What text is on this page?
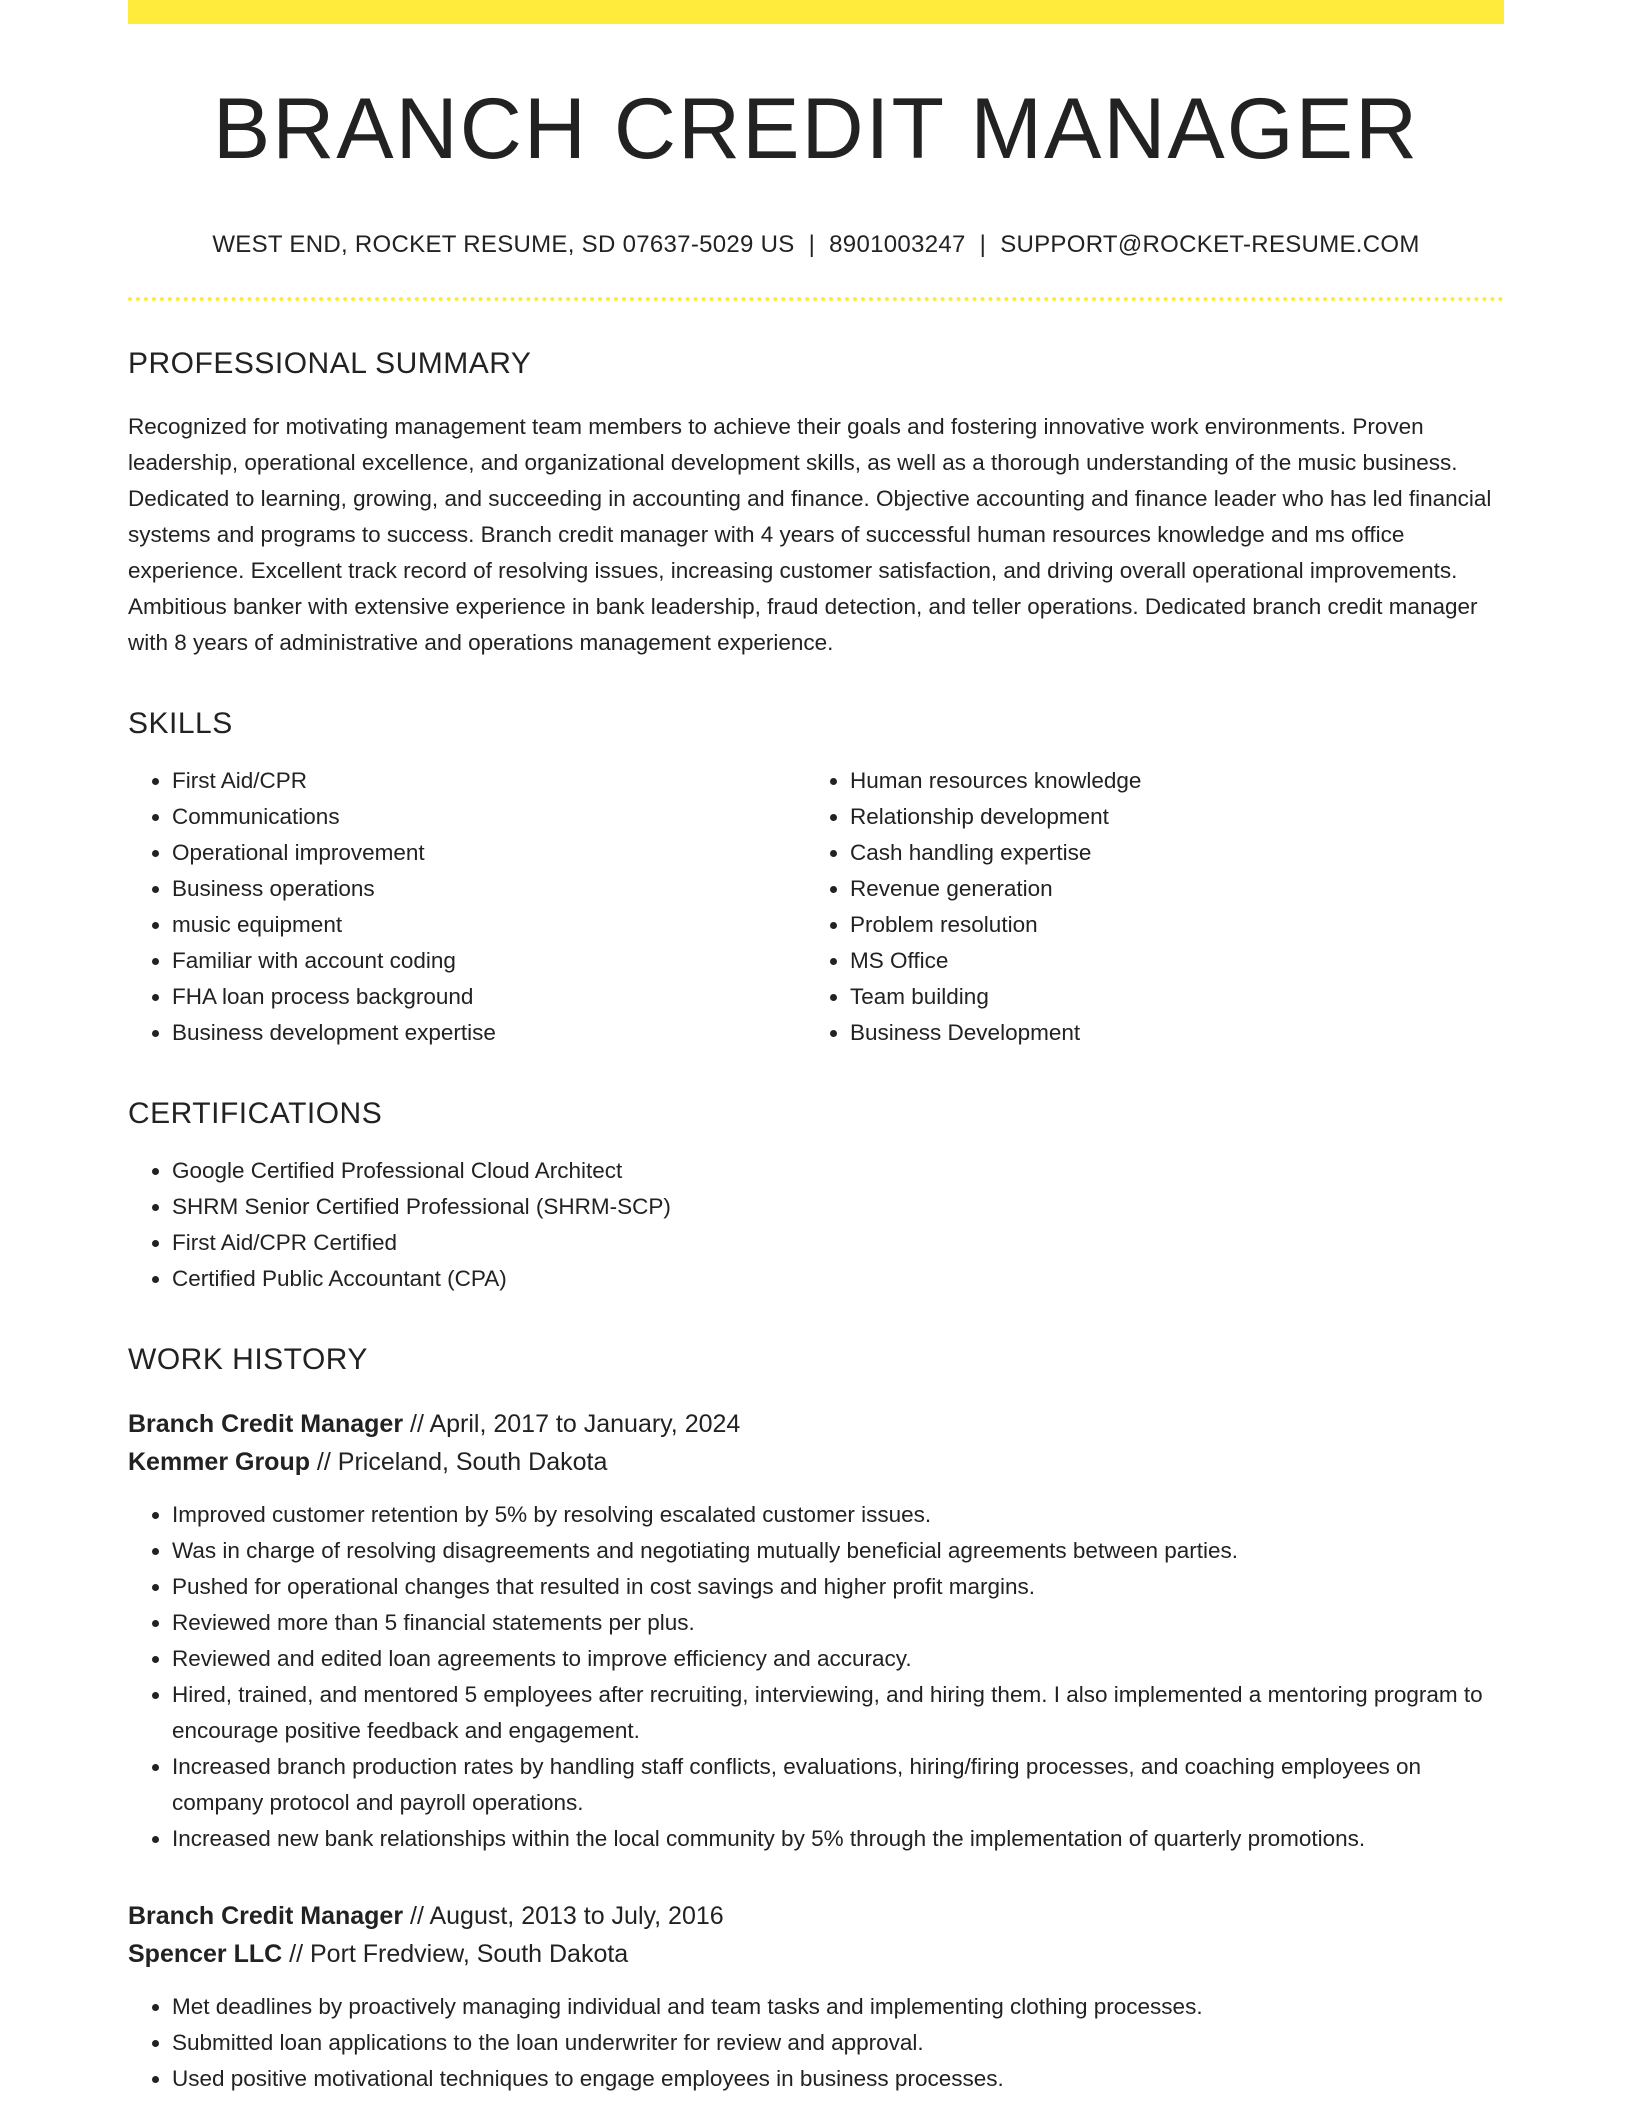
BRANCH CREDIT MANAGER
WEST END, ROCKET RESUME, SD 07637-5029 US | 8901003247 | SUPPORT@ROCKET-RESUME.COM
PROFESSIONAL SUMMARY
Recognized for motivating management team members to achieve their goals and fostering innovative work environments. Proven leadership, operational excellence, and organizational development skills, as well as a thorough understanding of the music business. Dedicated to learning, growing, and succeeding in accounting and finance. Objective accounting and finance leader who has led financial systems and programs to success. Branch credit manager with 4 years of successful human resources knowledge and ms office experience. Excellent track record of resolving issues, increasing customer satisfaction, and driving overall operational improvements. Ambitious banker with extensive experience in bank leadership, fraud detection, and teller operations. Dedicated branch credit manager with 8 years of administrative and operations management experience.
SKILLS
• First Aid/CPR
• Communications
• Operational improvement
• Business operations
• music equipment
• Familiar with account coding
• FHA loan process background
• Business development expertise
• Human resources knowledge
• Relationship development
• Cash handling expertise
• Revenue generation
• Problem resolution
• MS Office
• Team building
• Business Development
CERTIFICATIONS
• Google Certified Professional Cloud Architect
• SHRM Senior Certified Professional (SHRM-SCP)
• First Aid/CPR Certified
• Certified Public Accountant (CPA)
WORK HISTORY
Branch Credit Manager // April, 2017 to January, 2024
Kemmer Group // Priceland, South Dakota
• Improved customer retention by 5% by resolving escalated customer issues.
• Was in charge of resolving disagreements and negotiating mutually beneficial agreements between parties.
• Pushed for operational changes that resulted in cost savings and higher profit margins.
• Reviewed more than 5 financial statements per plus.
• Reviewed and edited loan agreements to improve efficiency and accuracy.
• Hired, trained, and mentored 5 employees after recruiting, interviewing, and hiring them. I also implemented a mentoring program to encourage positive feedback and engagement.
• Increased branch production rates by handling staff conflicts, evaluations, hiring/firing processes, and coaching employees on company protocol and payroll operations.
• Increased new bank relationships within the local community by 5% through the implementation of quarterly promotions.
Branch Credit Manager // August, 2013 to July, 2016
Spencer LLC // Port Fredview, South Dakota
• Met deadlines by proactively managing individual and team tasks and implementing clothing processes.
• Submitted loan applications to the loan underwriter for review and approval.
• Used positive motivational techniques to engage employees in business processes.
